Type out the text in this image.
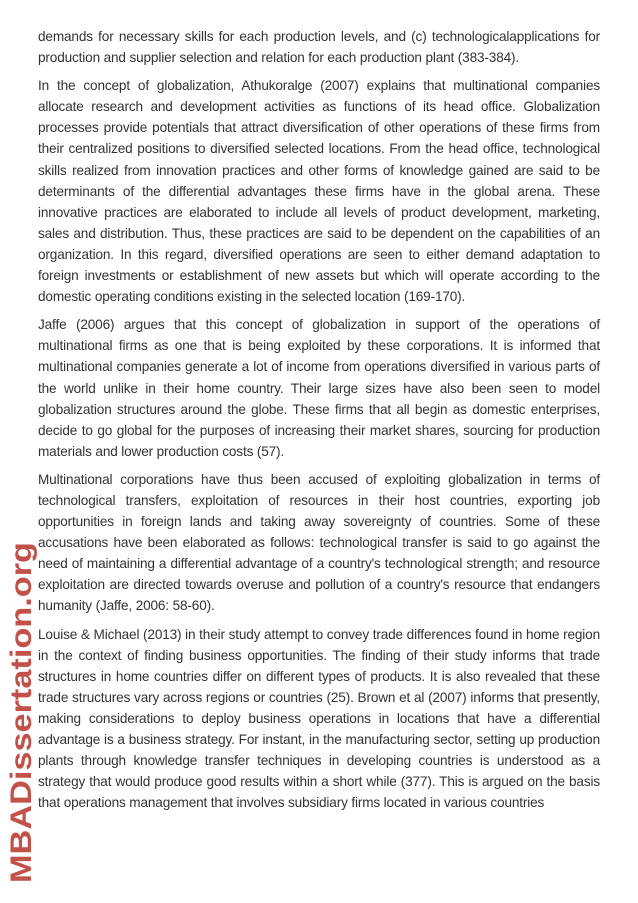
MBADissertation.org

demands for necessary skills for each production levels, and (c) technologicalapplications for production and supplier selection and relation for each production plant (383-384).

In the concept of globalization, Athukoralge (2007) explains that multinational companies allocate research and development activities as functions of its head office. Globalization processes provide potentials that attract diversification of other operations of these firms from their centralized positions to diversified selected locations. From the head office, technological skills realized from innovation practices and other forms of knowledge gained are said to be determinants of the differential advantages these firms have in the global arena. These innovative practices are elaborated to include all levels of product development, marketing, sales and distribution. Thus, these practices are said to be dependent on the capabilities of an organization. In this regard, diversified operations are seen to either demand adaptation to foreign investments or establishment of new assets but which will operate according to the domestic operating conditions existing in the selected location (169-170).

Jaffe (2006) argues that this concept of globalization in support of the operations of multinational firms as one that is being exploited by these corporations. It is informed that multinational companies generate a lot of income from operations diversified in various parts of the world unlike in their home country. Their large sizes have also been seen to model globalization structures around the globe. These firms that all begin as domestic enterprises, decide to go global for the purposes of increasing their market shares, sourcing for production materials and lower production costs (57).

Multinational corporations have thus been accused of exploiting globalization in terms of technological transfers, exploitation of resources in their host countries, exporting job opportunities in foreign lands and taking away sovereignty of countries. Some of these accusations have been elaborated as follows: technological transfer is said to go against the need of maintaining a differential advantage of a country's technological strength; and resource exploitation are directed towards overuse and pollution of a country's resource that endangers humanity (Jaffe, 2006: 58-60).

Louise & Michael (2013) in their study attempt to convey trade differences found in home region in the context of finding business opportunities. The finding of their study informs that trade structures in home countries differ on different types of products. It is also revealed that these trade structures vary across regions or countries (25). Brown et al (2007) informs that presently, making considerations to deploy business operations in locations that have a differential advantage is a business strategy. For instant, in the manufacturing sector, setting up production plants through knowledge transfer techniques in developing countries is understood as a strategy that would produce good results within a short while (377). This is argued on the basis that operations management that involves subsidiary firms located in various countries
